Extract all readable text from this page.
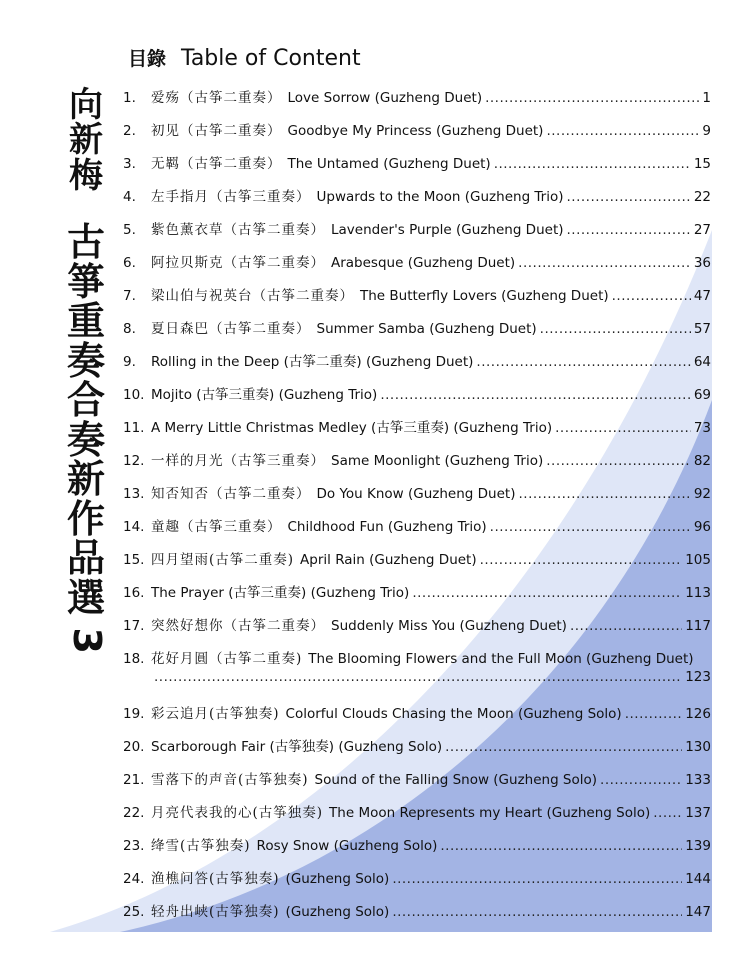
目錄 Table of Content
向
新
梅
古
箏
重
奏
合
奏
新
作
品
選
3
1.	爱殇（古筝二重奏） Love Sorrow (Guzheng Duet) .....	1
2.	初见（古筝二重奏） Goodbye My Princess (Guzheng Duet) .....	9
3.	无羁（古筝二重奏） The Untamed (Guzheng Duet) .....	15
4.	左手指月（古筝三重奏） Upwards to the Moon (Guzheng Trio) .....	22
5.	紫色薰衣草（古筝二重奏） Lavender's Purple (Guzheng Duet) .....	27
6.	阿拉贝斯克（古筝二重奏） Arabesque (Guzheng Duet) .....	36
7.	梁山伯与祝英台（古筝二重奏） The Butterfly Lovers (Guzheng Duet) .....	47
8.	夏日森巴（古筝二重奏） Summer Samba (Guzheng Duet) .....	57
9.	Rolling in the Deep (古筝二重奏) (Guzheng Duet) .....	64
10. Mojito (古筝三重奏) (Guzheng Trio) .....	69
11. A Merry Little Christmas Medley (古筝三重奏) (Guzheng Trio) .....	73
12. 一样的月光（古筝三重奏） Same Moonlight (Guzheng Trio) .....	82
13. 知否知否（古筝二重奏） Do You Know (Guzheng Duet) .....	92
14. 童趣（古筝三重奏） Childhood Fun (Guzheng Trio) .....	96
15. 四月望雨(古筝二重奏) April Rain (Guzheng Duet) .....	105
16. The Prayer (古筝三重奏) (Guzheng Trio) .....	113
17. 突然好想你（古筝二重奏） Suddenly Miss You (Guzheng Duet) .....	117
18. 花好月圓（古筝二重奏) The Blooming Flowers and the Full Moon (Guzheng Duet)
.....
123
19. 彩云追月(古筝独奏) Colorful Clouds Chasing the Moon (Guzheng Solo) .....	126
20. Scarborough Fair (古筝独奏) (Guzheng Solo) .....	130
21. 雪落下的声音(古筝独奏) Sound of the Falling Snow (Guzheng Solo) .....	133
22. 月亮代表我的心(古筝独奏) The Moon Represents my Heart (Guzheng Solo) .....	137
23. 绛雪(古筝独奏) Rosy Snow (Guzheng Solo) .....	139
24. 渔樵问答(古筝独奏) (Guzheng Solo) .....	144
25. 轻舟出峡(古筝独奏) (Guzheng Solo) .....	147
